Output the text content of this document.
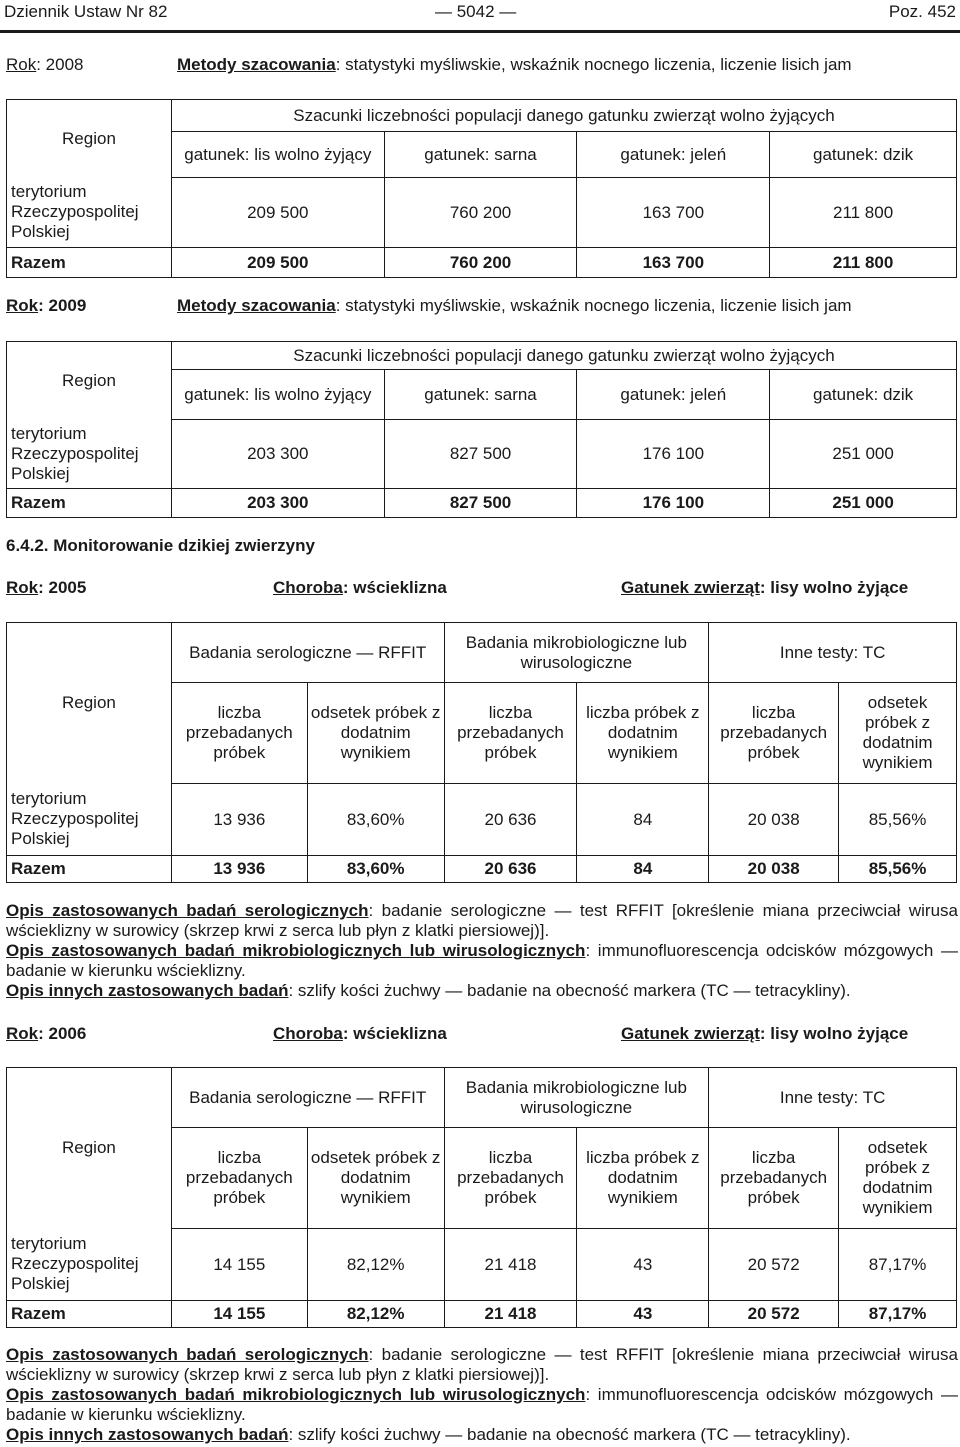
Dziennik Ustaw Nr 82	— 5042 —	Poz. 452
Rok: 2008	Metody szacowania: statystyki myśliwskie, wskaźnik nocnego liczenia, liczenie lisich jam
Region	Szacunki liczebności populacji danego gatunku zwierząt wolno żyjących			
	gatunek: lis wolno żyjący	gatunek: sarna	gatunek: jeleń	gatunek: dzik
terytorium Rzeczypospolitej Polskiej	209 500	760 200	163 700	211 800
Razem	209 500	760 200	163 700	211 800
Rok: 2009	Metody szacowania: statystyki myśliwskie, wskaźnik nocnego liczenia, liczenie lisich jam
Region	Szacunki liczebności populacji danego gatunku zwierząt wolno żyjących			
	gatunek: lis wolno żyjący	gatunek: sarna	gatunek: jeleń	gatunek: dzik
terytorium Rzeczypospolitej Polskiej	203 300	827 500	176 100	251 000
Razem	203 300	827 500	176 100	251 000
6.4.2. Monitorowanie dzikiej zwierzyny
Rok: 2005	Choroba: wścieklizna	Gatunek zwierząt: lisy wolno żyjące
Region	Badania serologiczne — RFFIT		Badania mikrobiologiczne lub wirusologiczne		Inne testy: TC	
	liczba przebadanych próbek	odsetek próbek z dodatnim wynikiem	liczba przebadanych próbek	liczba próbek z dodatnim wynikiem	liczba przebadanych próbek	odsetek próbek z dodatnim wynikiem
terytorium Rzeczypospolitej Polskiej	13 936	83,60%	20 636	84	20 038	85,56%
Razem	13 936	83,60%	20 636	84	20 038	85,56%
Opis zastosowanych badań serologicznych: badanie serologiczne — test RFFIT [określenie miana przeciwciał wirusa wścieklizny w surowicy (skrzep krwi z serca lub płyn z klatki piersiowej)].
Opis zastosowanych badań mikrobiologicznych lub wirusologicznych: immunofluorescencja odcisków mózgowych — badanie w kierunku wścieklizny.
Opis innych zastosowanych badań: szlify kości żuchwy — badanie na obecność markera (TC — tetracykliny).
Rok: 2006	Choroba: wścieklizna	Gatunek zwierząt: lisy wolno żyjące
Region	Badania serologiczne — RFFIT		Badania mikrobiologiczne lub wirusologiczne		Inne testy: TC	
	liczba przebadanych próbek	odsetek próbek z dodatnim wynikiem	liczba przebadanych próbek	liczba próbek z dodatnim wynikiem	liczba przebadanych próbek	odsetek próbek z dodatnim wynikiem
terytorium Rzeczypospolitej Polskiej	14 155	82,12%	21 418	43	20 572	87,17%
Razem	14 155	82,12%	21 418	43	20 572	87,17%
Opis zastosowanych badań serologicznych: badanie serologiczne — test RFFIT [określenie miana przeciwciał wirusa wścieklizny w surowicy (skrzep krwi z serca lub płyn z klatki piersiowej)].
Opis zastosowanych badań mikrobiologicznych lub wirusologicznych: immunofluorescencja odcisków mózgowych — badanie w kierunku wścieklizny.
Opis innych zastosowanych badań: szlify kości żuchwy — badanie na obecność markera (TC — tetracykliny).
